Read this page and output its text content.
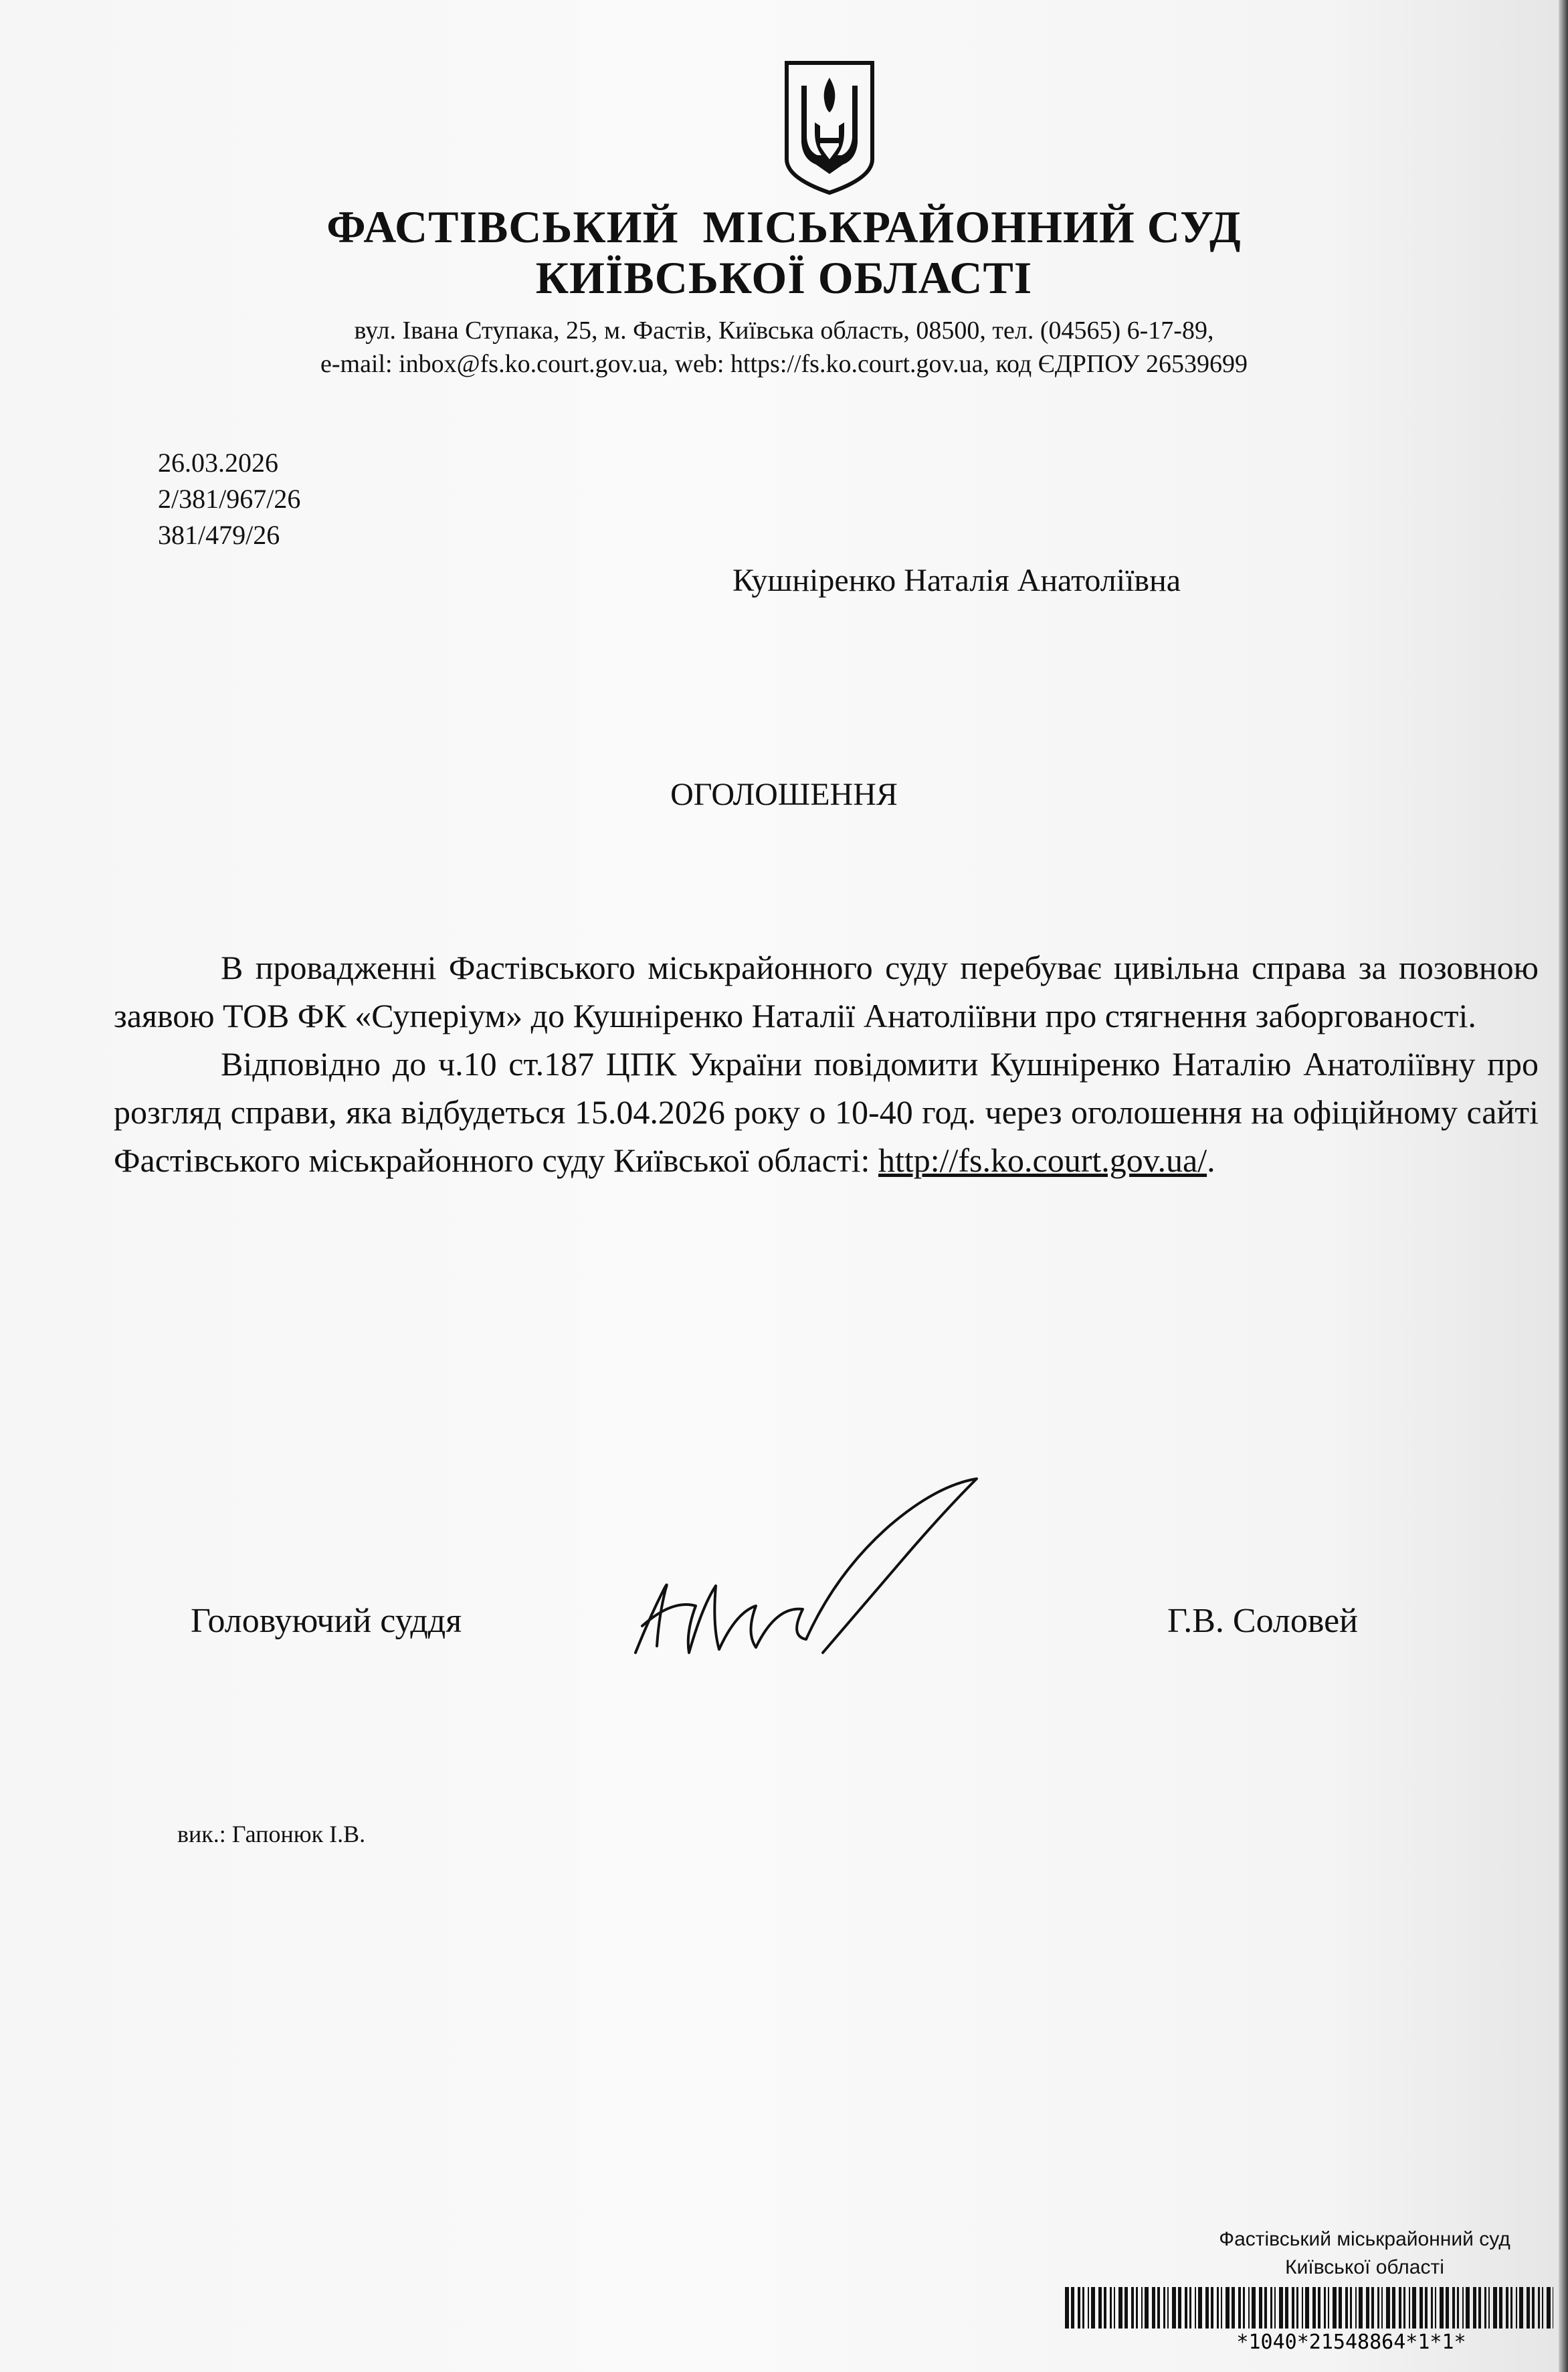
ФАСТІВСЬКИЙ  МІСЬКРАЙОННИЙ СУД
КИЇВСЬКОЇ ОБЛАСТІ
вул. Івана Ступака, 25, м. Фастів, Київська область, 08500, тел. (04565) 6-17-89,
e-mail: inbox@fs.ko.court.gov.ua, web: https://fs.ko.court.gov.ua, код ЄДРПОУ 26539699
26.03.2026
2/381/967/26
381/479/26
Кушніренко Наталія Анатоліївна
ОГОЛОШЕННЯ

В провадженні Фастівського міськрайонного суду перебуває цивільна справа за позовною заявою ТОВ ФК «Суперіум» до Кушніренко Наталії Анатоліївни про стягнення заборгованості.

Відповідно до ч.10 ст.187 ЦПК України повідомити Кушніренко Наталію Анатоліївну про розгляд справи, яка відбудеться 15.04.2026 року о 10-40 год. через оголошення на офіційному сайті Фастівського міськрайонного суду Київської області: http://fs.ko.court.gov.ua/.

Головуючий суддя	Г.В. Соловей
вик.: Гапонюк І.В.
Фастівський міськрайонний суд
Київської області
*1040*21548864*1*1*
